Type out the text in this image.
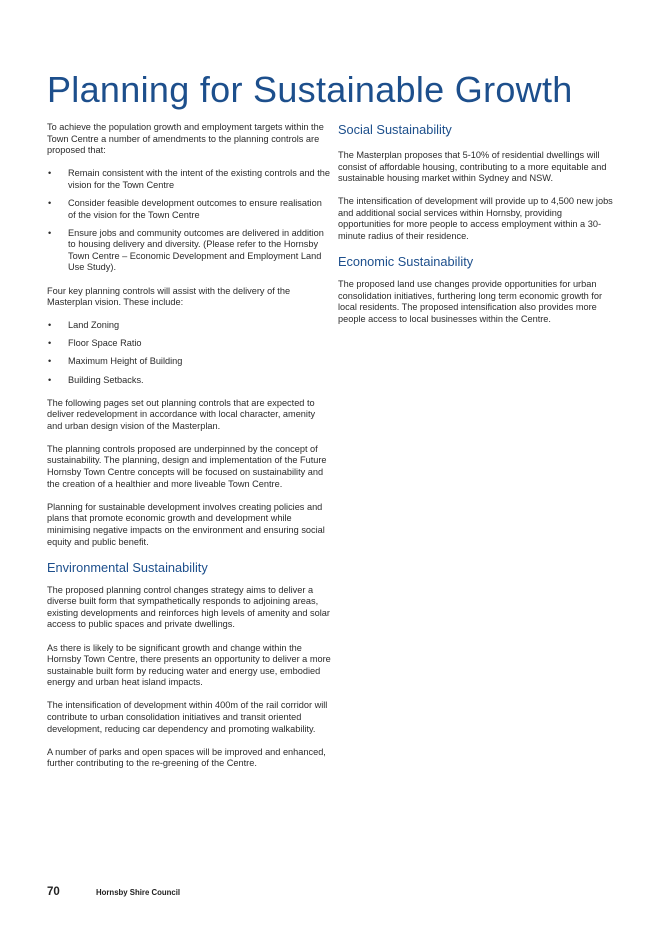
Planning for Sustainable Growth

To achieve the population growth and employment targets within the Town Centre a number of amendments to the planning controls are proposed that:

• Remain consistent with the intent of the existing controls and the vision for the Town Centre
• Consider feasible development outcomes to ensure realisation of the vision for the Town Centre
• Ensure jobs and community outcomes are delivered in addition to housing delivery and diversity. (Please refer to the Hornsby Town Centre – Economic Development and Employment Land Use Study).

Four key planning controls will assist with the delivery of the Masterplan vision. These include:

• Land Zoning
• Floor Space Ratio
• Maximum Height of Building
• Building Setbacks.

The following pages set out planning controls that are expected to deliver redevelopment in accordance with local character, amenity and urban design vision of the Masterplan.

The planning controls proposed are underpinned by the concept of sustainability. The planning, design and implementation of the Future Hornsby Town Centre concepts will be focused on sustainability and the creation of a healthier and more liveable Town Centre.

Planning for sustainable development involves creating policies and plans that promote economic growth and development while minimising negative impacts on the environment and ensuring social equity and public benefit.

Environmental Sustainability

The proposed planning control changes strategy aims to deliver a diverse built form that sympathetically responds to adjoining areas, existing developments and reinforces high levels of amenity and solar access to public spaces and private dwellings.

As there is likely to be significant growth and change within the Hornsby Town Centre, there presents an opportunity to deliver a more sustainable built form by reducing water and energy use, embodied energy and urban heat island impacts.

The intensification of development within 400m of the rail corridor will contribute to urban consolidation initiatives and transit oriented development, reducing car dependency and promoting walkability.

A number of parks and open spaces will be improved and enhanced, further contributing to the re-greening of the Centre.

Social Sustainability

The Masterplan proposes that 5-10% of residential dwellings will consist of affordable housing, contributing to a more equitable and sustainable housing market within Sydney and NSW.

The intensification of development will provide up to 4,500 new jobs and additional social services within Hornsby, providing opportunities for more people to access employment within a 30-minute radius of their residence.

Economic Sustainability

The proposed land use changes provide opportunities for urban consolidation initiatives, furthering long term economic growth for local residents. The proposed intensification also provides more people access to local businesses within the Centre.

70	Hornsby Shire Council
